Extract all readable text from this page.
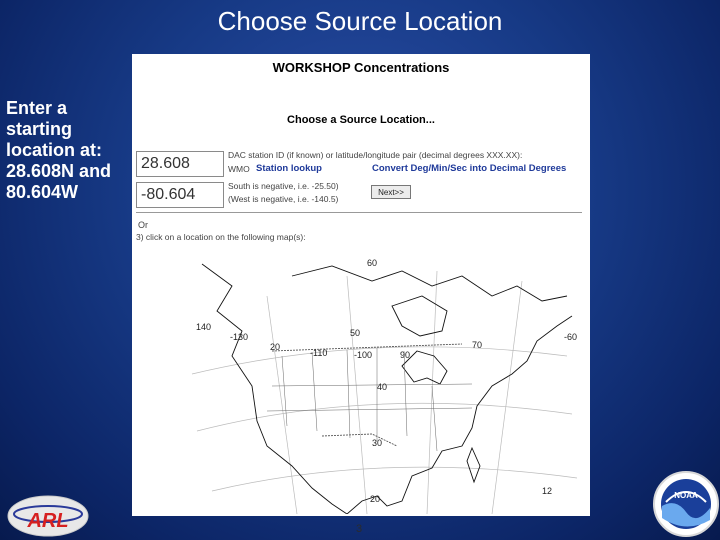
Choose Source Location
Enter a
starting
location at:
28.608N and
80.604W
WORKSHOP Concentrations
Choose a Source Location...
28.608
-80.604
DAC station ID (if known) or latitude/longitude pair (decimal degrees XXX.XX):
WMO Station lookup	Convert Deg/Min/Sec into Decimal Degrees
South is negative, i.e. -25.50)
(West is negative, i.e. -140.5)
Next>>
Or
3) click on a location on the following map(s):
60
50
40
30
20
20
140
-130
-110	-100	90
70
-60
12
3
ARL
NOAA
